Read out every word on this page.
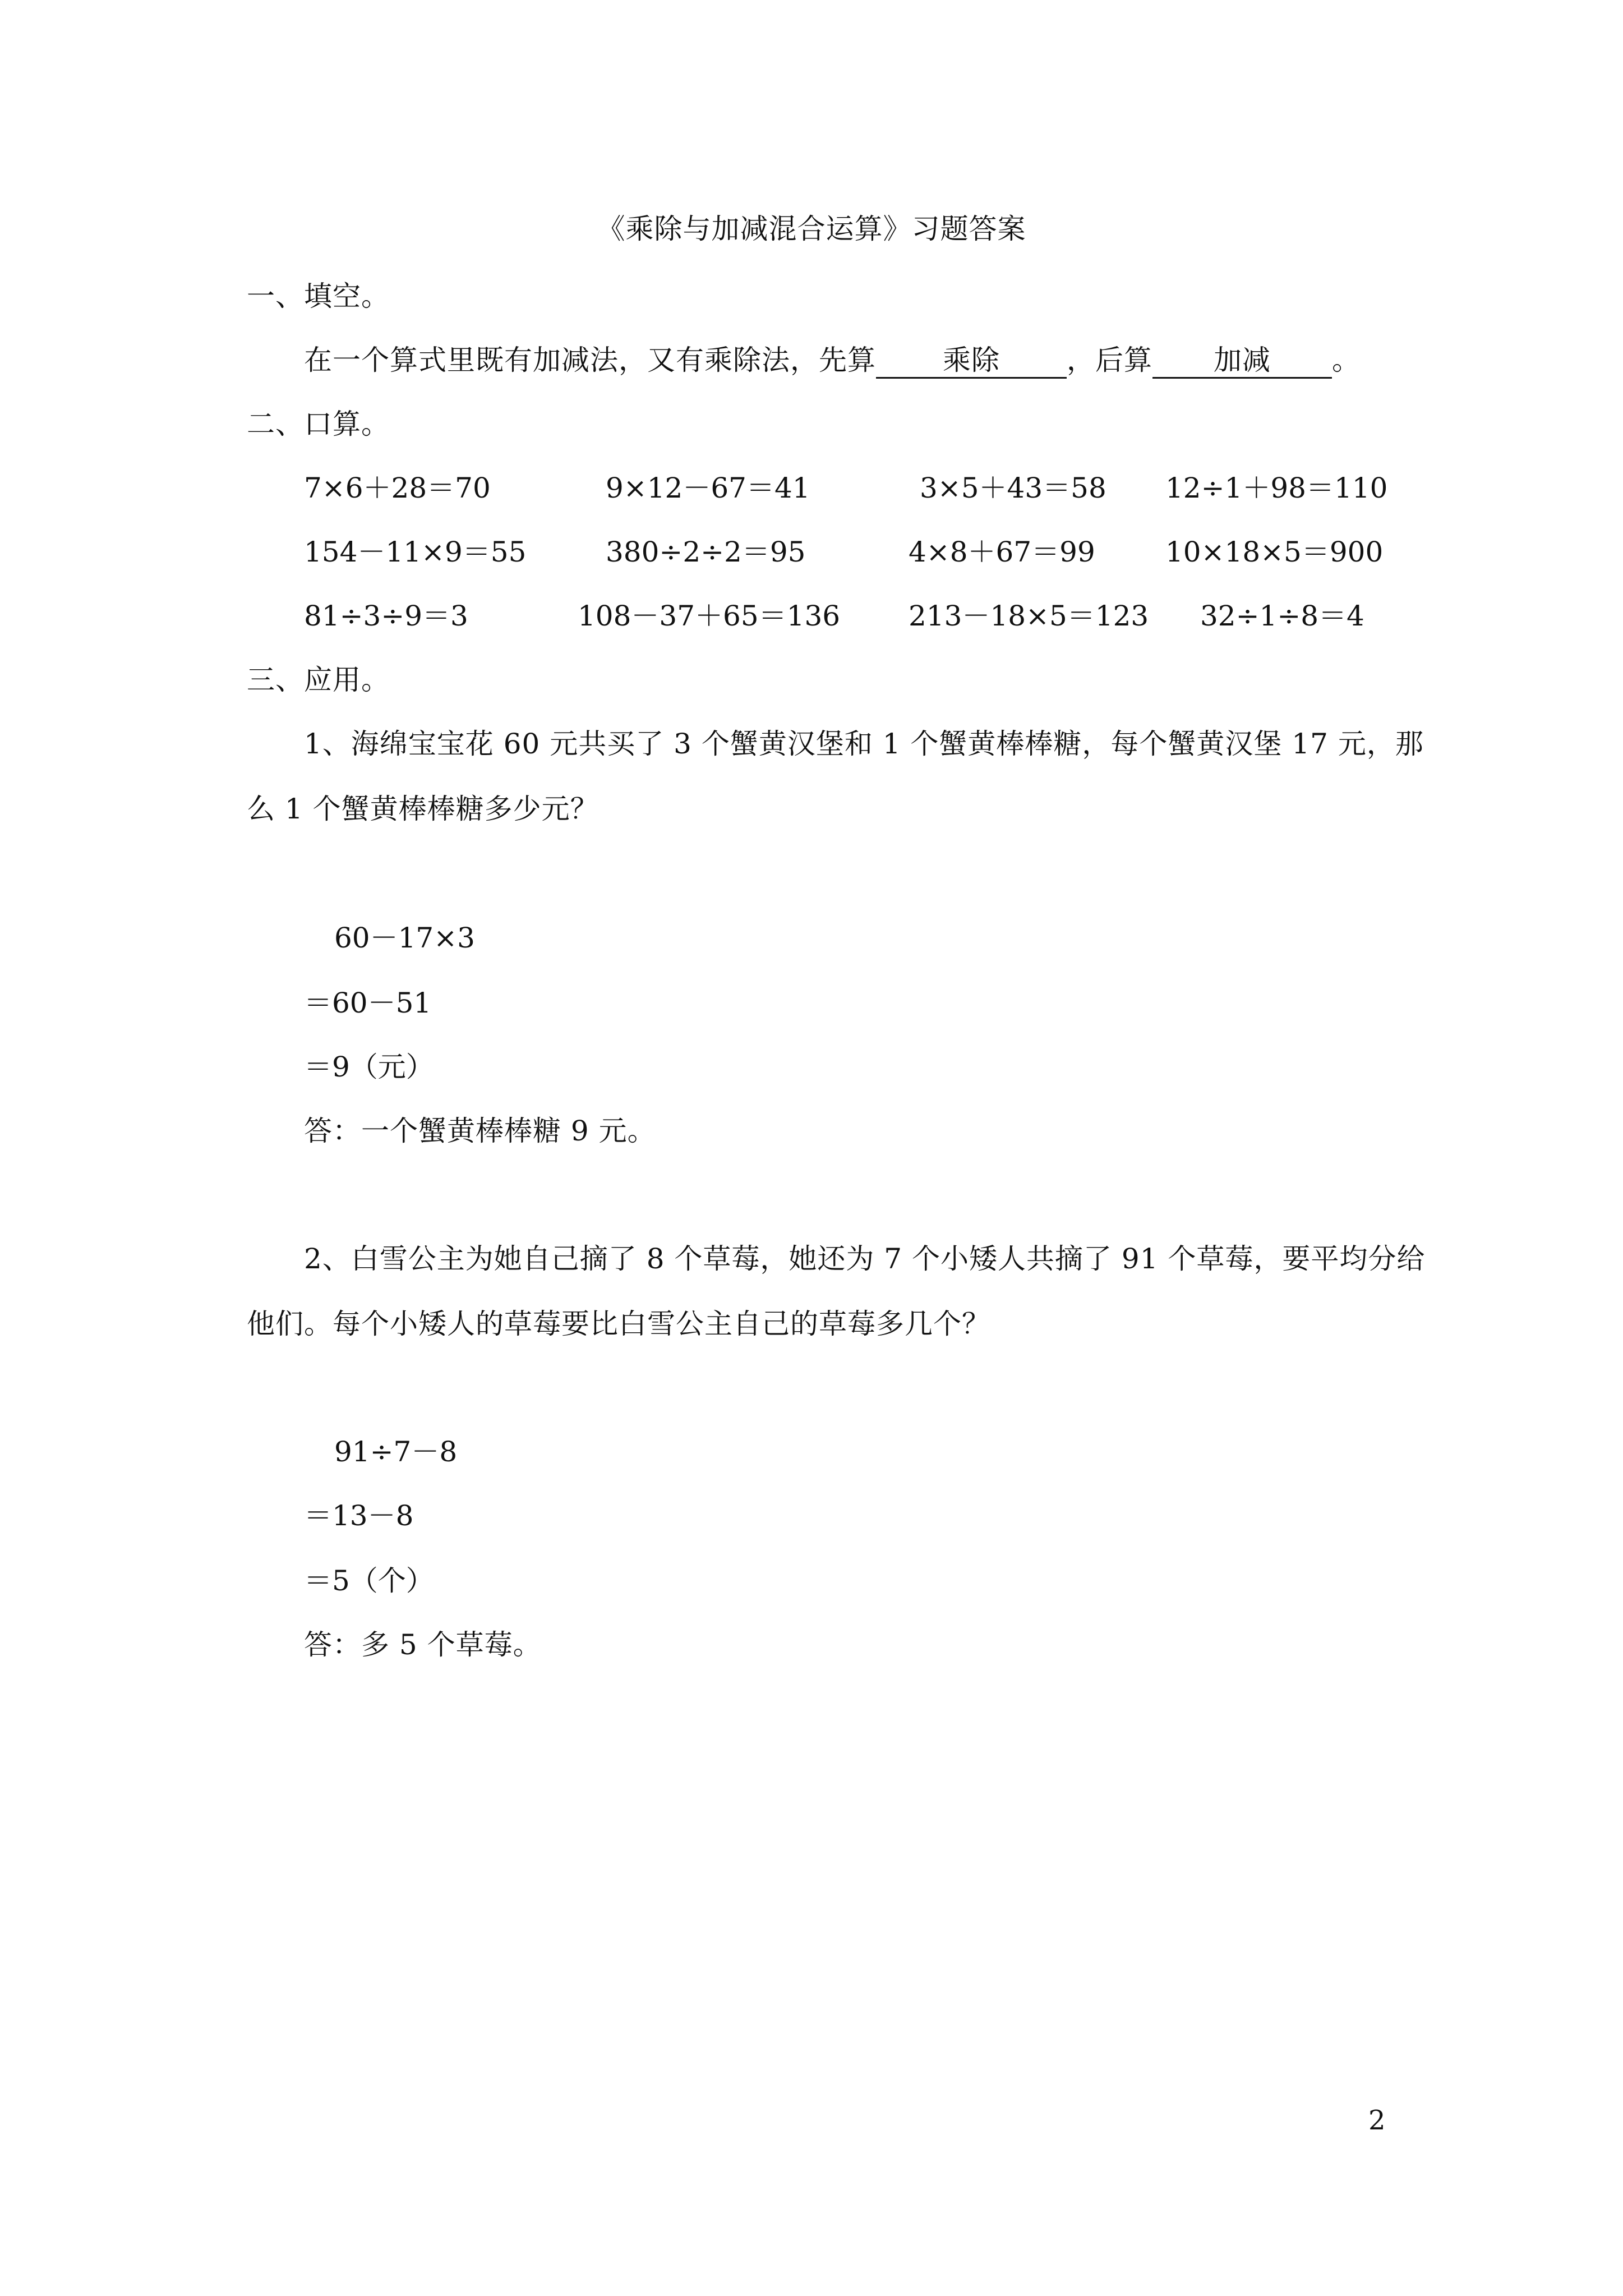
《乘除与加减混合运算》习题答案
一、填空。
在一个算式里既有加减法，又有乘除法，先算 乘除 ，后算 加减 。
二、口算。
7×6＋28＝70	9×12－67＝41	3×5＋43＝58 12÷1＋98＝110
154－11×9＝55	380÷2÷2＝95	4×8＋67＝99	10×18×5＝900
81÷3÷9＝3	108－37＋65＝136 213－18×5＝123 32÷1÷8＝4
三、应用。
1、海绵宝宝花 60 元共买了 3 个蟹黄汉堡和 1 个蟹黄棒棒糖，每个蟹黄汉堡 17 元，那
么 1 个蟹黄棒棒糖多少元？
60－17×3
＝60－51
＝9（元）
答：一个蟹黄棒棒糖 9 元。
2、白雪公主为她自己摘了 8 个草莓，她还为 7 个小矮人共摘了 91 个草莓，要平均分给
他们。每个小矮人的草莓要比白雪公主自己的草莓多几个？
91÷7－8
＝13－8
＝5（个）
答：多 5 个草莓。
2
